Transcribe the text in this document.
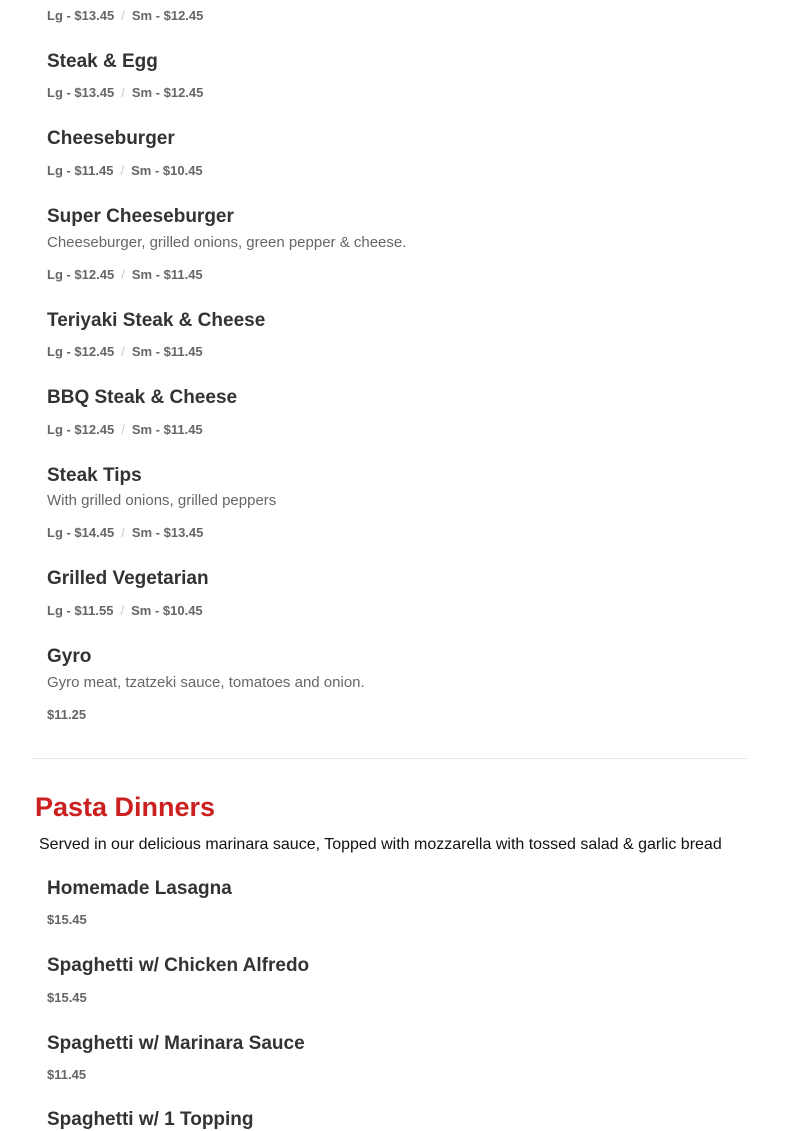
Lg - $13.45 / Sm - $12.45
Steak & Egg
Lg - $13.45 / Sm - $12.45
Cheeseburger
Lg - $11.45 / Sm - $10.45
Super Cheeseburger
Cheeseburger, grilled onions, green pepper & cheese.
Lg - $12.45 / Sm - $11.45
Teriyaki Steak & Cheese
Lg - $12.45 / Sm - $11.45
BBQ Steak & Cheese
Lg - $12.45 / Sm - $11.45
Steak Tips
With grilled onions, grilled peppers
Lg - $14.45 / Sm - $13.45
Grilled Vegetarian
Lg - $11.55 / Sm - $10.45
Gyro
Gyro meat, tzatzeki sauce, tomatoes and onion.
$11.25
Pasta Dinners
Served in our delicious marinara sauce, Topped with mozzarella with tossed salad & garlic bread
Homemade Lasagna
$15.45
Spaghetti w/ Chicken Alfredo
$15.45
Spaghetti w/ Marinara Sauce
$11.45
Spaghetti w/ 1 Topping
